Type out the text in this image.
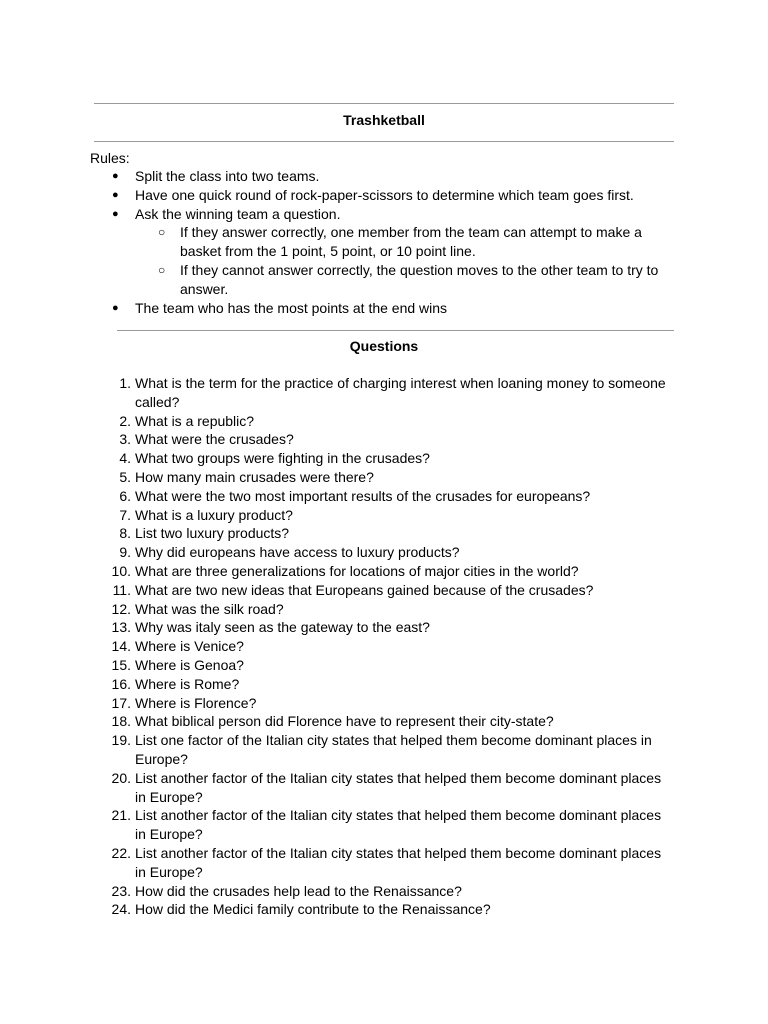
Trashketball
Rules:
● Split the class into two teams.
● Have one quick round of rock-paper-scissors to determine which team goes first.
● Ask the winning team a question.
○ If they answer correctly, one member from the team can attempt to make a basket from the 1 point, 5 point, or 10 point line.
○ If they cannot answer correctly, the question moves to the other team to try to answer.
● The team who has the most points at the end wins
Questions
1. What is the term for the practice of charging interest when loaning money to someone called?
2. What is a republic?
3. What were the crusades?
4. What two groups were fighting in the crusades?
5. How many main crusades were there?
6. What were the two most important results of the crusades for europeans?
7. What is a luxury product?
8. List two luxury products?
9. Why did europeans have access to luxury products?
10. What are three generalizations for locations of major cities in the world?
11. What are two new ideas that Europeans gained because of the crusades?
12. What was the silk road?
13. Why was italy seen as the gateway to the east?
14. Where is Venice?
15. Where is Genoa?
16. Where is Rome?
17. Where is Florence?
18. What biblical person did Florence have to represent their city-state?
19. List one factor of the Italian city states that helped them become dominant places in Europe?
20. List another factor of the Italian city states that helped them become dominant places in Europe?
21. List another factor of the Italian city states that helped them become dominant places in Europe?
22. List another factor of the Italian city states that helped them become dominant places in Europe?
23. How did the crusades help lead to the Renaissance?
24. How did the Medici family contribute to the Renaissance?
